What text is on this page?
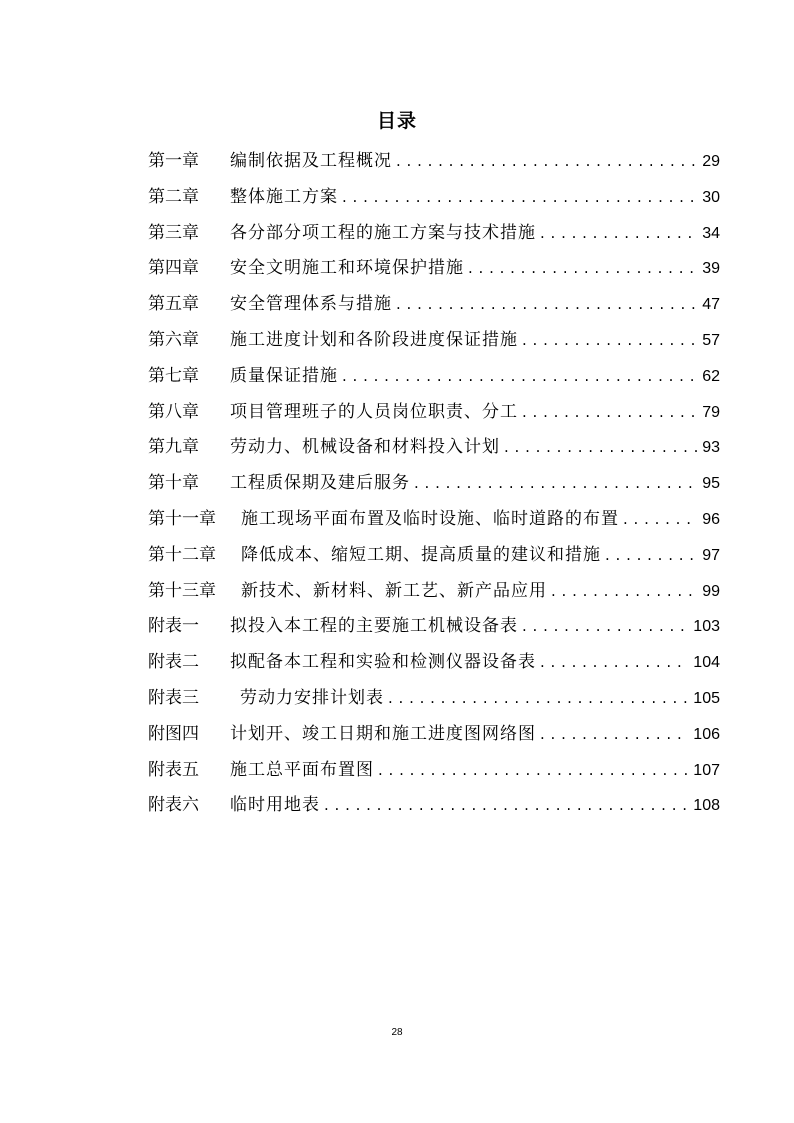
目录
第一章	编制依据及工程概况 . . .	29
第二章	整体施工方案 . . .	30
第三章	各分部分项工程的施工方案与技术措施 . . .	34
第四章	安全文明施工和环境保护措施 . . .	39
第五章	安全管理体系与措施 . . .	47
第六章	施工进度计划和各阶段进度保证措施 . . .	57
第七章	质量保证措施 . . .	62
第八章	项目管理班子的人员岗位职责、分工 . . .	79
第九章	劳动力、机械设备和材料投入计划 . . .	93
第十章	工程质保期及建后服务 . . .	95
第十一章	施工现场平面布置及临时设施、临时道路的布置 . . .	96
第十二章	降低成本、缩短工期、提高质量的建议和措施 . . .	97
第十三章	新技术、新材料、新工艺、新产品应用 . . .	99
附表一	拟投入本工程的主要施工机械设备表 . . .	103
附表二	拟配备本工程和实验和检测仪器设备表 . . .	104
附表三	劳动力安排计划表 . . .	105
附图四	计划开、竣工日期和施工进度图网络图 . . .	106
附表五	施工总平面布置图 . . .	107
附表六	临时用地表 . . .	108
28
